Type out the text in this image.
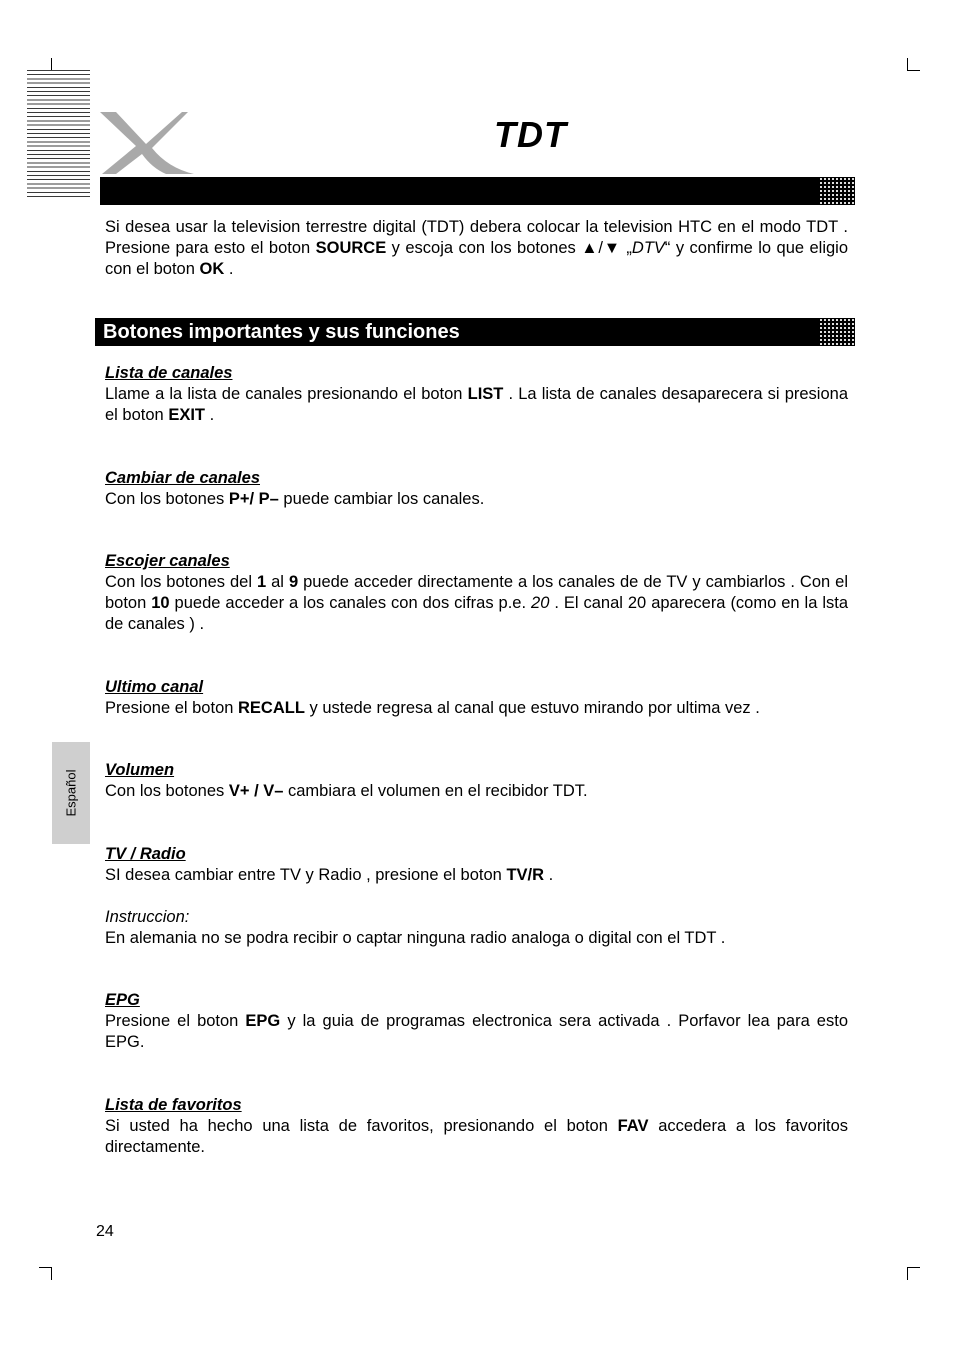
TDT
Si desea usar la television terrestre digital (TDT) debera colocar la television HTC en el modo TDT . Presione para esto el boton SOURCE y escoja con los botones ▲/▼ „DTV“ y confirme lo que eligio con el boton OK .
Botones importantes y sus funciones
Lista de canales
Llame a la lista de canales presionando el boton LIST . La lista de canales desaparecera si presiona el boton EXIT .
Cambiar de canales
Con los botones P+/ P– puede cambiar los canales.
Escojer canales
Con los botones del 1 al 9 puede acceder directamente a los canales de de TV y cambiarlos . Con el boton 10 puede acceder a los canales con dos cifras p.e. 20 . El canal 20 aparecera (como en la lsta de canales ) .
Ultimo canal
Presione el boton RECALL y ustede regresa al canal que estuvo mirando por ultima vez .
Español Volumen
Con los botones V+ / V– cambiara el volumen en el recibidor TDT.
TV / Radio
SI desea cambiar entre TV y Radio , presione el boton TV/R .
Instruccion:
En alemania no se podra recibir o captar ninguna radio analoga o digital con el TDT .
EPG
Presione el boton EPG y la guia de programas electronica sera activada . Porfavor lea para esto EPG.
Lista de favoritos
Si usted ha hecho una lista de favoritos, presionando el boton FAV accedera a los favoritos directamente.
24
